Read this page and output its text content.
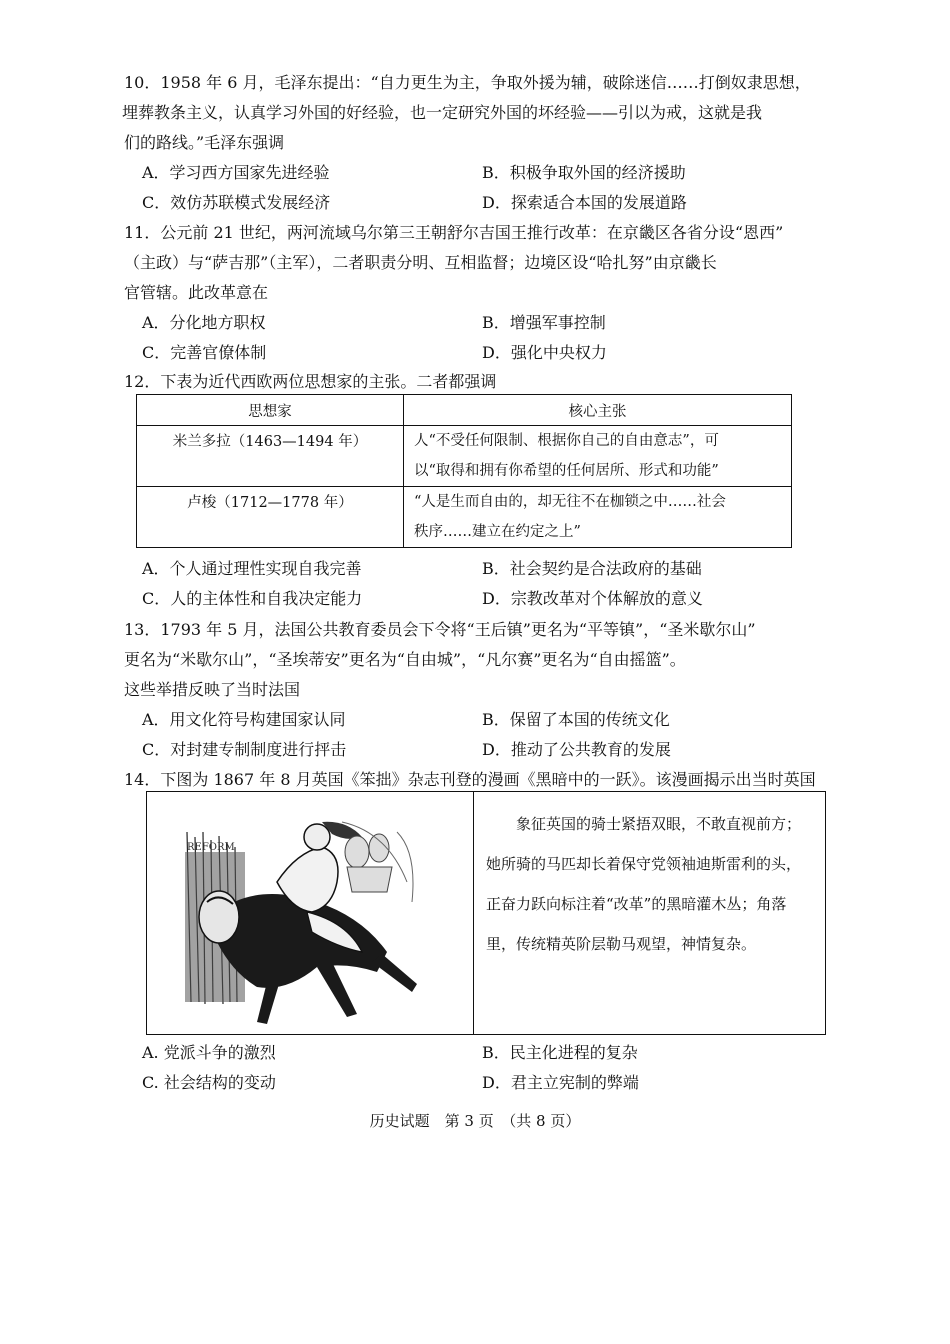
10．1958 年 6 月，毛泽东提出：“自力更生为主，争取外援为辅，破除迷信……打倒奴隶思想，

埋葬教条主义，认真学习外国的好经验，也一定研究外国的坏经验——引以为戒，这就是我

们的路线。”毛泽东强调

A．学习西方国家先进经验	B．积极争取外国的经济援助
C．效仿苏联模式发展经济	D．探索适合本国的发展道路

11．公元前 21 世纪，两河流域乌尔第三王朝舒尔吉国王推行改革：在京畿区各省分设“恩西”

（主政）与“萨吉那”（主军），二者职责分明、互相监督；边境区设“哈扎努”由京畿长

官管辖。此改革意在

A．分化地方职权	B．增强军事控制
C．完善官僚体制	D．强化中央权力

12．下表为近代西欧两位思想家的主张。二者都强调

思想家	核心主张
米兰多拉（1463—1494 年）	人“不受任何限制、根据你自己的自由意志”，可
以“取得和拥有你希望的任何居所、形式和功能”

卢梭（1712—1778 年）	“人是生而自由的，却无往不在枷锁之中……社会
秩序……建立在约定之上”
A．个人通过理性实现自我完善	B．社会契约是合法政府的基础
C．人的主体性和自我决定能力	D．宗教改革对个体解放的意义

13．1793 年 5 月，法国公共教育委员会下令将“王后镇”更名为“平等镇”，“圣米歇尔山”

更名为“米歇尔山”，“圣埃蒂安”更名为“自由城”，“凡尔赛”更名为“自由摇篮”。

这些举措反映了当时法国

A．用文化符号构建国家认同	B．保留了本国的传统文化
C．对封建专制制度进行抨击	D．推动了公共教育的发展

14．下图为 1867 年 8 月英国《笨拙》杂志刊登的漫画《黑暗中的一跃》。该漫画揭示出当时英国

REFORM
象征英国的骑士紧捂双眼，不敢直视前方；她所骑的马匹却长着保守党领袖迪斯雷利的头，正奋力跃向标注着“改革”的黑暗灌木丛；角落里，传统精英阶层勒马观望，神情复杂。
A. 党派斗争的激烈	B．民主化进程的复杂
C. 社会结构的变动	D．君主立宪制的弊端
历史试题　第 3 页　（共 8 页）
